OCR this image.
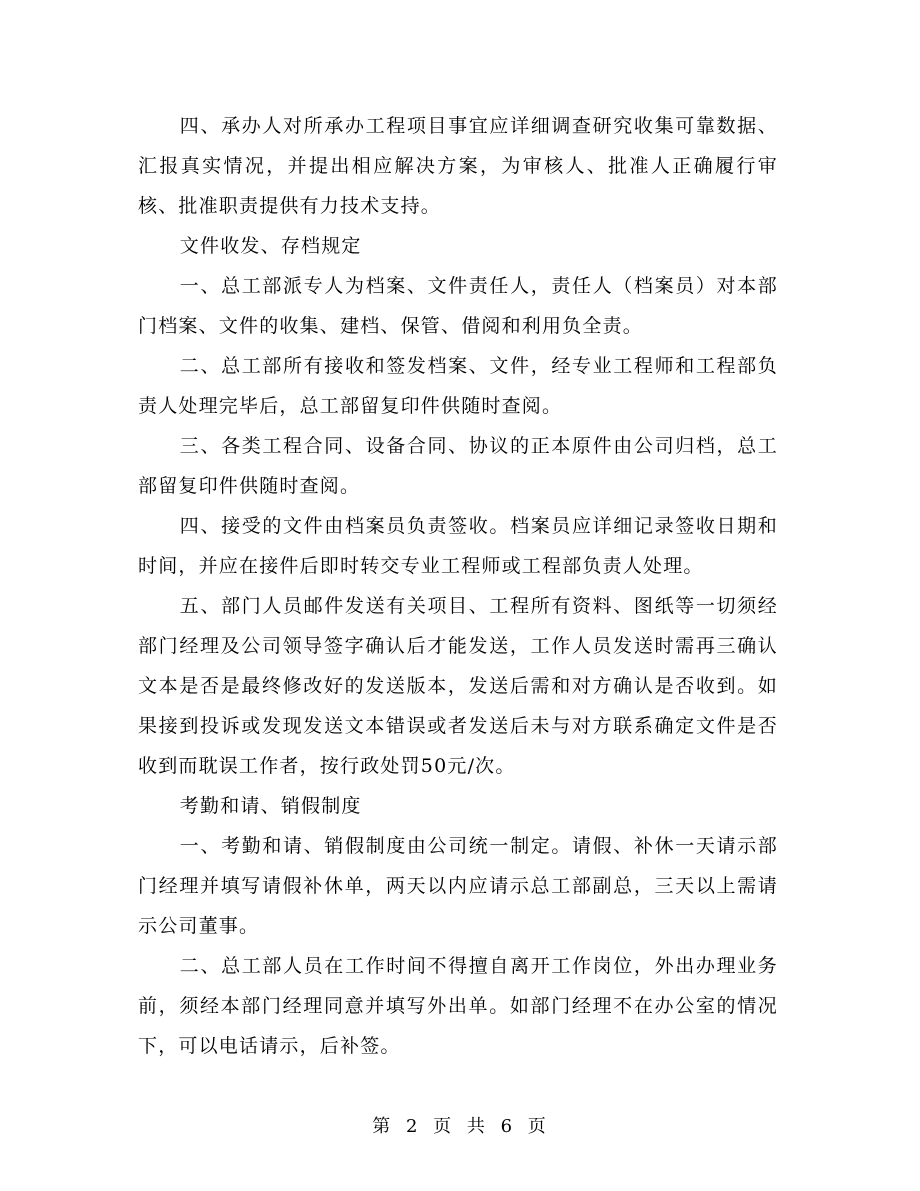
四、承办人对所承办工程项目事宜应详细调查研究收集可靠数据、汇报真实情况，并提出相应解决方案，为审核人、批准人正确履行审核、批准职责提供有力技术支持。

文件收发、存档规定

一、总工部派专人为档案、文件责任人，责任人（档案员）对本部门档案、文件的收集、建档、保管、借阅和利用负全责。

二、总工部所有接收和签发档案、文件，经专业工程师和工程部负责人处理完毕后，总工部留复印件供随时查阅。

三、各类工程合同、设备合同、协议的正本原件由公司归档，总工部留复印件供随时查阅。

四、接受的文件由档案员负责签收。档案员应详细记录签收日期和时间，并应在接件后即时转交专业工程师或工程部负责人处理。

五、部门人员邮件发送有关项目、工程所有资料、图纸等一切须经部门经理及公司领导签字确认后才能发送，工作人员发送时需再三确认文本是否是最终修改好的发送版本，发送后需和对方确认是否收到。如果接到投诉或发现发送文本错误或者发送后未与对方联系确定文件是否收到而耽误工作者，按行政处罚50元/次。

考勤和请、销假制度

一、考勤和请、销假制度由公司统一制定。请假、补休一天请示部门经理并填写请假补休单，两天以内应请示总工部副总，三天以上需请示公司董事。

二、总工部人员在工作时间不得擅自离开工作岗位，外出办理业务前，须经本部门经理同意并填写外出单。如部门经理不在办公室的情况下，可以电话请示，后补签。

第 2 页 共 6 页
